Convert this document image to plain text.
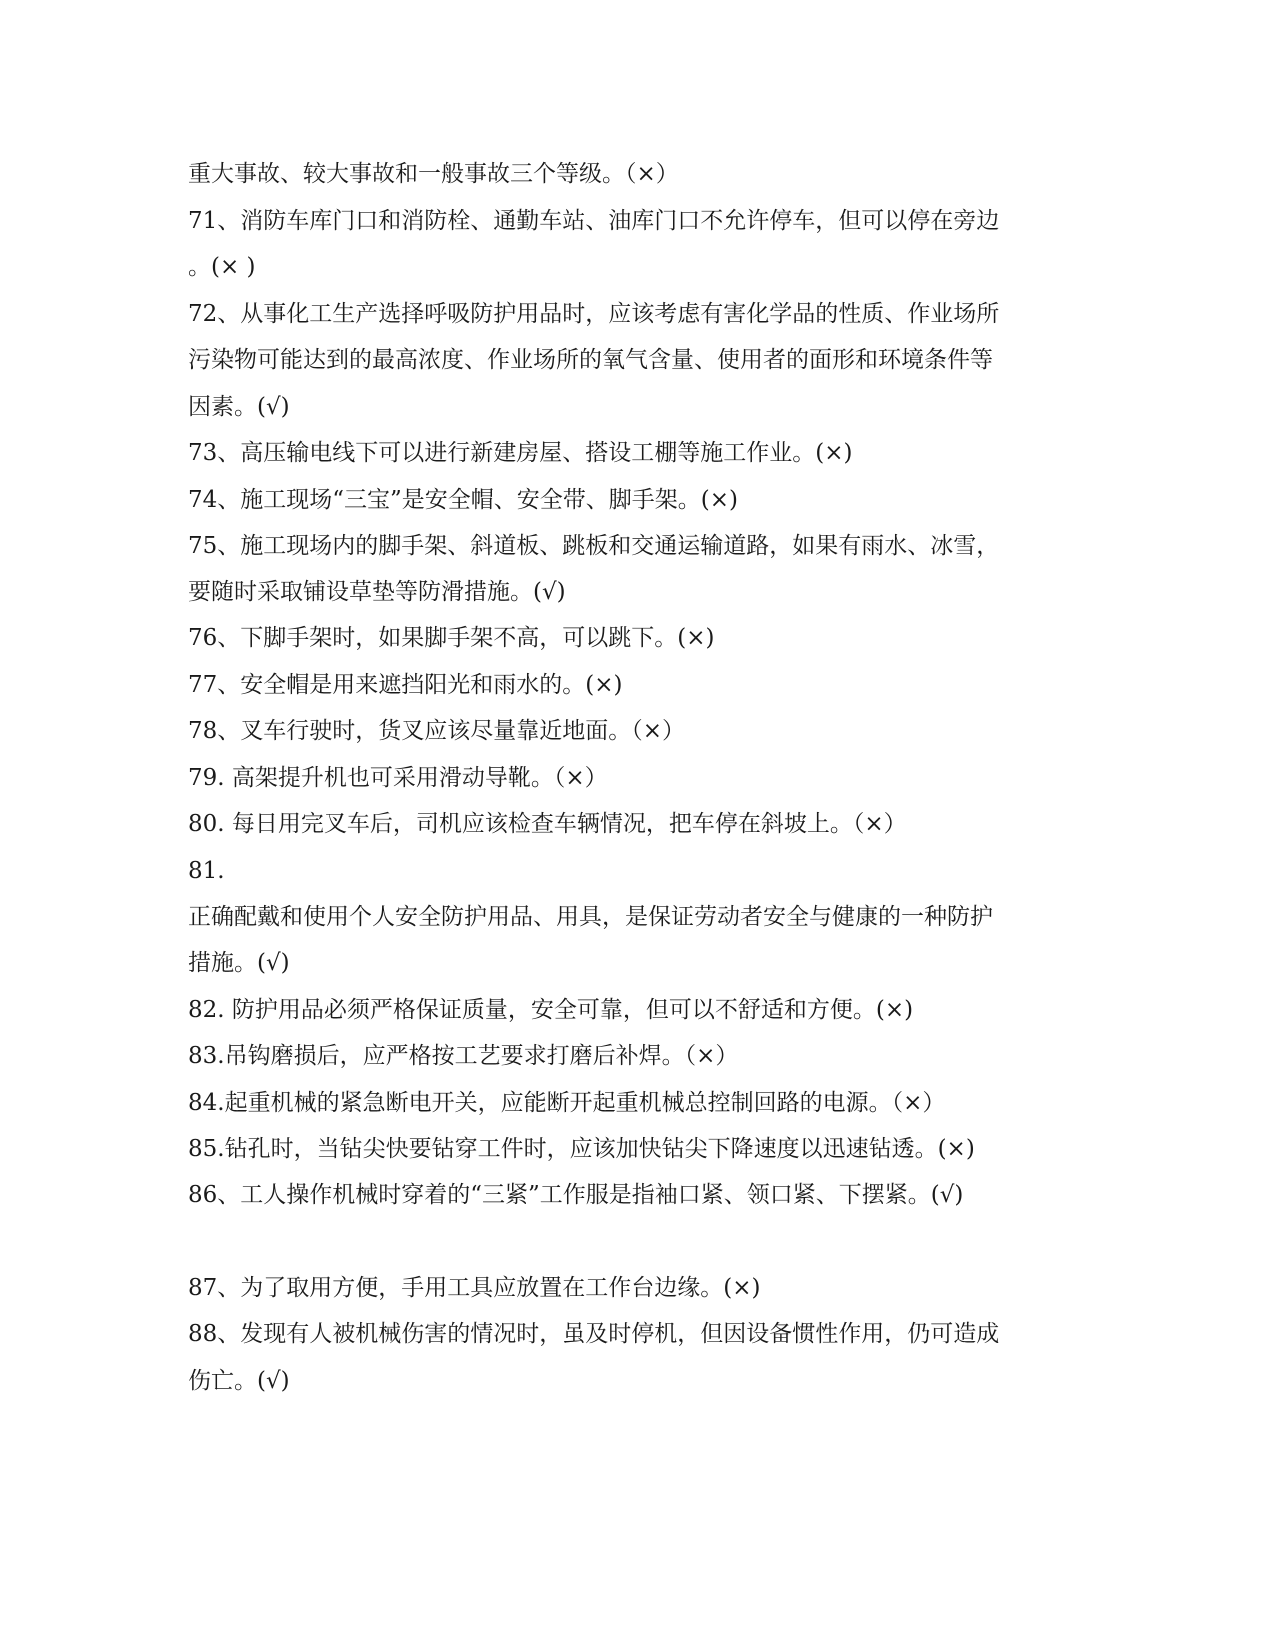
重大事故、较大事故和一般事故三个等级。（×）
71、消防车库门口和消防栓、通勤车站、油库门口不允许停车，但可以停在旁边
。(× )
72、从事化工生产选择呼吸防护用品时，应该考虑有害化学品的性质、作业场所
污染物可能达到的最高浓度、作业场所的氧气含量、使用者的面形和环境条件等
因素。(√)
73、高压输电线下可以进行新建房屋、搭设工棚等施工作业。(×)
74、施工现场“三宝”是安全帽、安全带、脚手架。(×)
75、施工现场内的脚手架、斜道板、跳板和交通运输道路，如果有雨水、冰雪，
要随时采取铺设草垫等防滑措施。(√)
76、下脚手架时，如果脚手架不高，可以跳下。(×)
77、安全帽是用来遮挡阳光和雨水的。(×)
78、叉车行驶时，货叉应该尽量靠近地面。（×）
79. 高架提升机也可采用滑动导靴。（×）
80. 每日用完叉车后，司机应该检查车辆情况，把车停在斜坡上。（×）
81.
正确配戴和使用个人安全防护用品、用具，是保证劳动者安全与健康的一种防护
措施。(√)
82. 防护用品必须严格保证质量，安全可靠，但可以不舒适和方便。(×)
83.吊钩磨损后，应严格按工艺要求打磨后补焊。（×）
84.起重机械的紧急断电开关，应能断开起重机械总控制回路的电源。（×）
85.钻孔时，当钻尖快要钻穿工件时，应该加快钻尖下降速度以迅速钻透。(×)
86、工人操作机械时穿着的“三紧”工作服是指袖口紧、领口紧、下摆紧。(√)
87、为了取用方便，手用工具应放置在工作台边缘。(×)
88、发现有人被机械伤害的情况时，虽及时停机，但因设备惯性作用，仍可造成
伤亡。(√)
